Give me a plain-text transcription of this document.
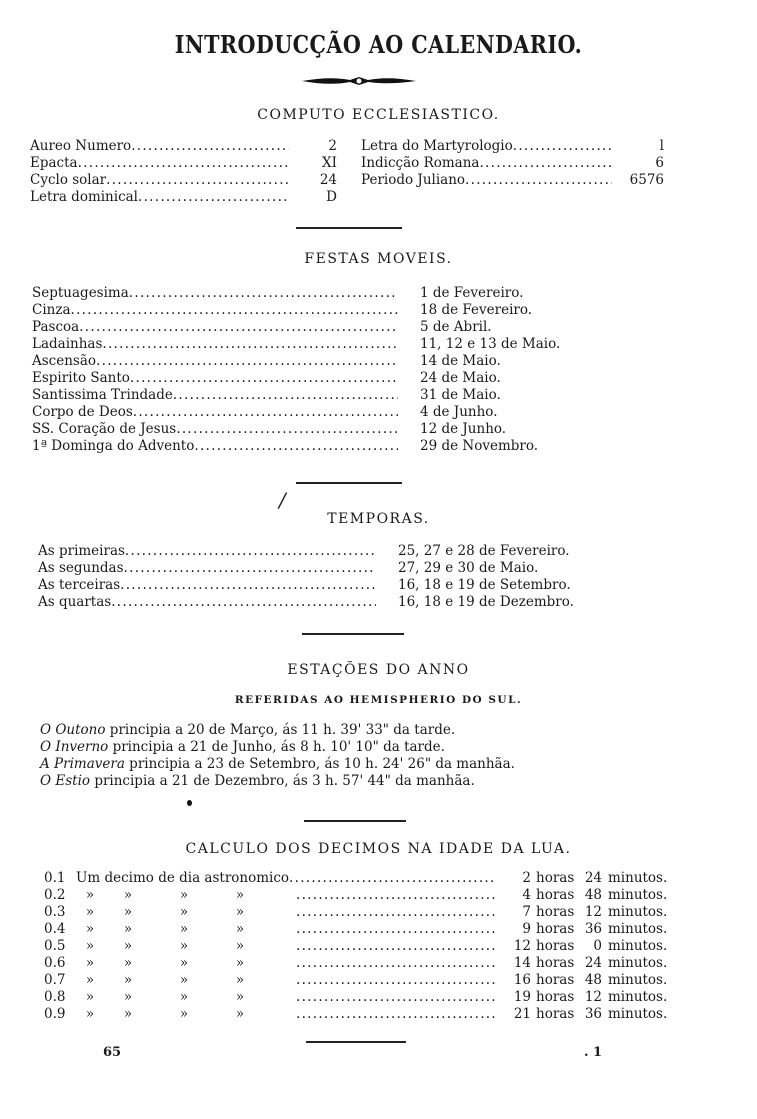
INTRODUCÇÃO AO CALENDARIO.
COMPUTO ECCLESIASTICO.
Aureo Numero . . .	2
Epacta . . .	XI
Cyclo solar . . .	24
Letra dominical . . .	D
Letra do Martyrologio . . .	l
Indicção Romana . . .	6
Periodo Juliano . . .	6576
FESTAS MOVEIS.
Septuagesima . . .	1 de Fevereiro.
Cinza . . .	18 de Fevereiro.
Pascoa . . .	5 de Abril.
Ladainhas . . .	11, 12 e 13 de Maio.
Ascensão . . .	14 de Maio.
Espirito Santo . . .	24 de Maio.
Santissima Trindade . . .	31 de Maio.
Corpo de Deos . . .	4 de Junho.
SS. Coração de Jesus . . .	12 de Junho.
1ª Dominga do Advento . . .	29 de Novembro.
/
TEMPORAS.
As primeiras . . .	25, 27 e 28 de Fevereiro.
As segundas . . .	27, 29 e 30 de Maio.
As terceiras . . .	16, 18 e 19 de Setembro.
As quartas . . .	16, 18 e 19 de Dezembro.
ESTAÇÕES DO ANNO
REFERIDAS AO HEMISPHERIO DO SUL.
O Outono principia a 20 de Março, ás 11 h. 39' 33" da tarde.
O Inverno principia a 21 de Junho, ás 8 h. 10' 10" da tarde.
A Primavera principia a 23 de Setembro, ás 10 h. 24' 26" da manhãa.
O Estio principia a 21 de Dezembro, ás 3 h. 57' 44" da manhãa.
CALCULO DOS DECIMOS NA IDADE DA LUA.
0.1 Um decimo de dia astronomico . . .	2 horas 24 minutos.
0.2	»	»	»	» . . .	4 horas 48 minutos.
0.3	»	»	»	» . . .	7 horas 12 minutos.
0.4	»	»	»	» . . .	9 horas 36 minutos.
0.5	»	»	»	» . . .	12 horas	0 minutos.
0.6	»	»	»	» . . .	14 horas 24 minutos.
0.7	»	»	»	» . . .	16 horas 48 minutos.
0.8	»	»	»	» . . .	19 horas 12 minutos.
0.9	»	»	»	» . . .	21 horas 36 minutos.
65	. 1
